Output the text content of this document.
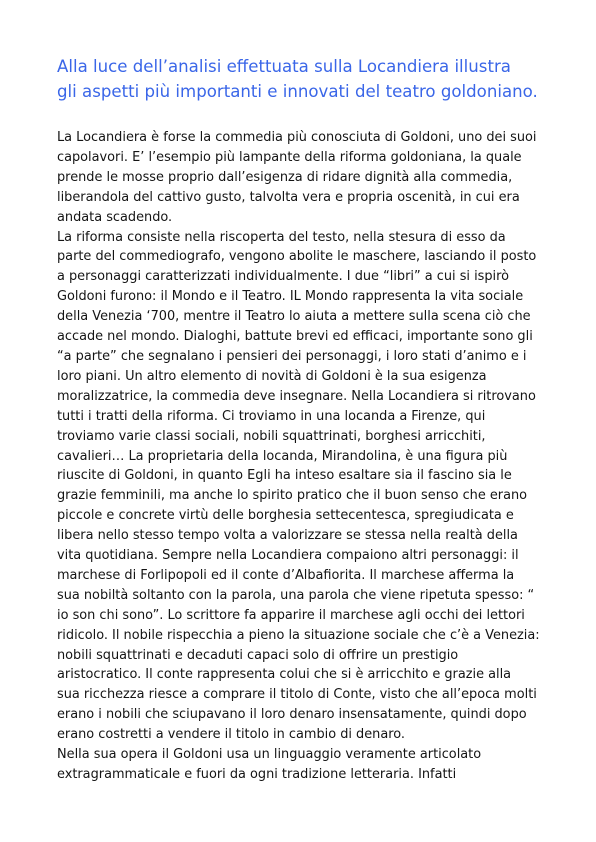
Alla luce dell’analisi effettuata sulla Locandiera illustra
gli aspetti più importanti e innovati del teatro goldoniano.
La Locandiera è forse la commedia più conosciuta di Goldoni, uno dei suoi
capolavori. E’ l’esempio più lampante della riforma goldoniana, la quale
prende le mosse proprio dall’esigenza di ridare dignità alla commedia,
liberandola del cattivo gusto, talvolta vera e propria oscenità, in cui era
andata scadendo.
La riforma consiste nella riscoperta del testo, nella stesura di esso da
parte del commediografo, vengono abolite le maschere, lasciando il posto
a personaggi caratterizzati individualmente. I due “libri” a cui si ispirò
Goldoni furono: il Mondo e il Teatro. IL Mondo rappresenta la vita sociale
della Venezia ‘700, mentre il Teatro lo aiuta a mettere sulla scena ciò che
accade nel mondo. Dialoghi, battute brevi ed efficaci, importante sono gli
“a parte” che segnalano i pensieri dei personaggi, i loro stati d’animo e i
loro piani. Un altro elemento di novità di Goldoni è la sua esigenza
moralizzatrice, la commedia deve insegnare. Nella Locandiera si ritrovano
tutti i tratti della riforma. Ci troviamo in una locanda a Firenze, qui
troviamo varie classi sociali, nobili squattrinati, borghesi arricchiti,
cavalieri… La proprietaria della locanda, Mirandolina, è una figura più
riuscite di Goldoni, in quanto Egli ha inteso esaltare sia il fascino sia le
grazie femminili, ma anche lo spirito pratico che il buon senso che erano
piccole e concrete virtù delle borghesia settecentesca, spregiudicata e
libera nello stesso tempo volta a valorizzare se stessa nella realtà della
vita quotidiana. Sempre nella Locandiera compaiono altri personaggi: il
marchese di Forlipopoli ed il conte d’Albafiorita. Il marchese afferma la
sua nobiltà soltanto con la parola, una parola che viene ripetuta spesso: “
io son chi sono”. Lo scrittore fa apparire il marchese agli occhi dei lettori
ridicolo. Il nobile rispecchia a pieno la situazione sociale che c’è a Venezia:
nobili squattrinati e decaduti capaci solo di offrire un prestigio
aristocratico. Il conte rappresenta colui che si è arricchito e grazie alla
sua ricchezza riesce a comprare il titolo di Conte, visto che all’epoca molti
erano i nobili che sciupavano il loro denaro insensatamente, quindi dopo
erano costretti a vendere il titolo in cambio di denaro.
Nella sua opera il Goldoni usa un linguaggio veramente articolato
extragrammaticale e fuori da ogni tradizione letteraria. Infatti
